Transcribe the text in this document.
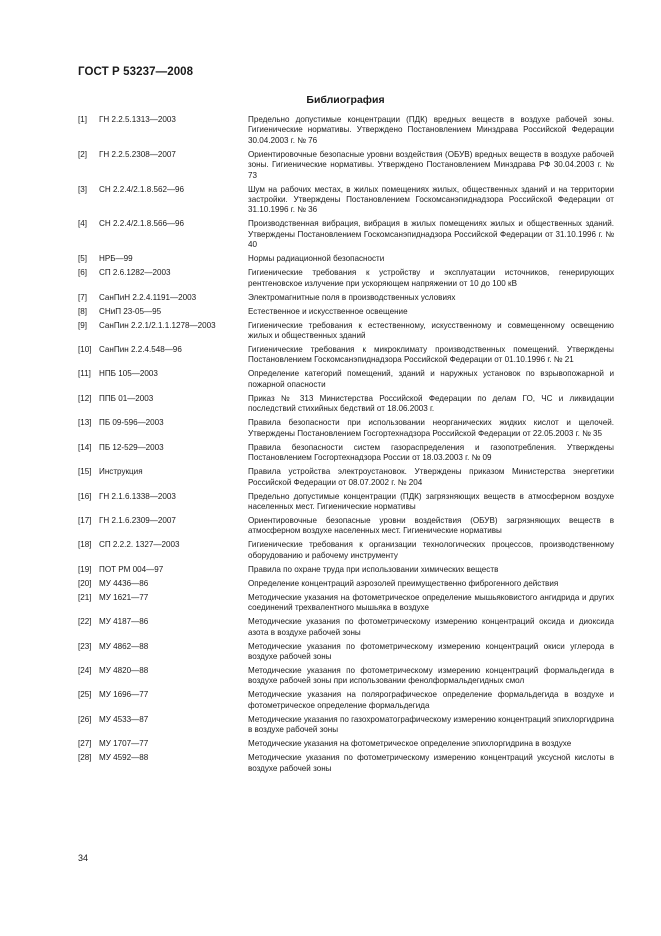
ГОСТ Р 53237—2008
Библиография
[1]	ГН 2.2.5.1313—2003	Предельно допустимые концентрации (ПДК) вредных веществ в воздухе рабочей зоны. Гигиенические нормативы. Утверждено Постановлением Минздрава Российской Федерации 30.04.2003 г. № 76
[2]	ГН 2.2.5.2308—2007	Ориентировочные безопасные уровни воздействия (ОБУВ) вредных веществ в воздухе рабочей зоны. Гигиенические нормативы. Утверждено Постановлением Минздрава РФ 30.04.2003 г. № 73
[3]	СН 2.2.4/2.1.8.562—96	Шум на рабочих местах, в жилых помещениях жилых, общественных зданий и на территории застройки. Утверждены Постановлением Госкомсанэпиднадзора Российской Федерации от 31.10.1996 г. № 36
[4]	СН 2.2.4/2.1.8.566—96	Производственная вибрация, вибрация в жилых помещениях жилых и общественных зданий. Утверждены Постановлением Госкомсанэпиднадзора Российской Федерации от 31.10.1996 г. № 40
[5]	НРБ—99	Нормы радиационной безопасности
[6]	СП 2.6.1282—2003	Гигиенические требования к устройству и эксплуатации источников, генерирующих рентгеновское излучение при ускоряющем напряжении от 10 до 100 кВ
[7]	СанПиН 2.2.4.1191—2003	Электромагнитные поля в производственных условиях
[8]	СНиП 23-05—95	Естественное и искусственное освещение
[9]	СанПин 2.2.1/2.1.1.1278—2003	Гигиенические требования к естественному, искусственному и совмещенному освещению жилых и общественных зданий
[10] СанПин 2.2.4.548—96	Гигиенические требования к микроклимату производственных помещений. Утверждены Постановлением Госкомсанэпиднадзора Российской Федерации от 01.10.1996 г. № 21
[11] НПБ 105—2003	Определение категорий помещений, зданий и наружных установок по взрывопожарной и пожарной опасности
[12] ППБ 01—2003	Приказ № 313 Министерства Российской Федерации по делам ГО, ЧС и ликвидации последствий стихийных бедствий от 18.06.2003 г.
[13] ПБ 09-596—2003	Правила безопасности при использовании неорганических жидких кислот и щелочей. Утверждены Постановлением Госгортехнадзора Российской Федерации от 22.05.2003 г. № 35
[14] ПБ 12-529—2003	Правила безопасности систем газораспределения и газопотребления. Утверждены Постановлением Госгортехнадзора России от 18.03.2003 г. № 09
[15] Инструкция	Правила устройства электроустановок. Утверждены приказом Министерства энергетики Российской Федерации от 08.07.2002 г. № 204
[16] ГН 2.1.6.1338—2003	Предельно допустимые концентрации (ПДК) загрязняющих веществ в атмосферном воздухе населенных мест. Гигиенические нормативы
[17] ГН 2.1.6.2309—2007	Ориентировочные безопасные уровни воздействия (ОБУВ) загрязняющих веществ в атмосферном воздухе населенных мест. Гигиенические нормативы
[18] СП 2.2.2. 1327—2003	Гигиенические требования к организации технологических процессов, производственному оборудованию и рабочему инструменту
[19] ПОТ РМ 004—97	Правила по охране труда при использовании химических веществ
[20] МУ 4436—86	Определение концентраций аэрозолей преимущественно фиброгенного действия
[21] МУ 1621—77	Методические указания на фотометрическое определение мышьяковистого ангидрида и других соединений трехвалентного мышьяка в воздухе
[22] МУ 4187—86	Методические указания по фотометрическому измерению концентраций оксида и диоксида азота в воздухе рабочей зоны
[23] МУ 4862—88	Методические указания по фотометрическому измерению концентраций окиси углерода в воздухе рабочей зоны
[24] МУ 4820—88	Методические указания по фотометрическому измерению концентраций формальдегида в воздухе рабочей зоны при использовании фенолформальдегидных смол
[25] МУ 1696—77	Методические указания на полярографическое определение формальдегида в воздухе и фотометрическое определение формальдегида
[26] МУ 4533—87	Методические указания по газохроматографическому измерению концентраций эпихлоргидрина в воздухе рабочей зоны
[27] МУ 1707—77	Методические указания на фотометрическое определение эпихлоргидрина в воздухе
[28] МУ 4592—88	Методические указания по фотометрическому измерению концентраций уксусной кислоты в воздухе рабочей зоны
34
